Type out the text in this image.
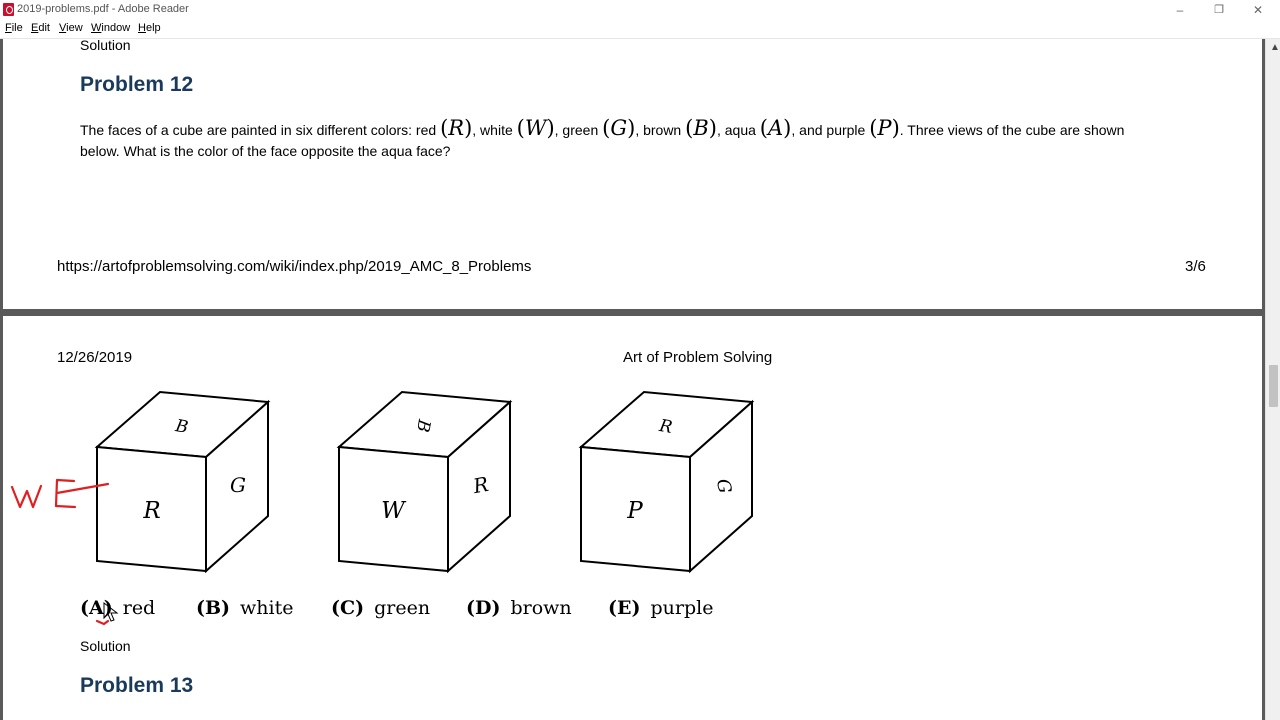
2019-problems.pdf - Adobe Reader	–	❐	✕
File Edit View Window Help
Solution
Problem 12
The faces of a cube are painted in six different colors: red (R), white (W), green (G), brown (B), aqua (A), and purple (P). Three views of the cube are shown
below. What is the color of the face opposite the aqua face?
https://artofproblemsolving.com/wiki/index.php/2019_AMC_8_Problems	3/6
12/26/2019	Art of Problem Solving
B
R
G
B
W
R
R
P
G
(A) red (B) white (C) green (D) brown (E) purple
Solution
Problem 13
▲
